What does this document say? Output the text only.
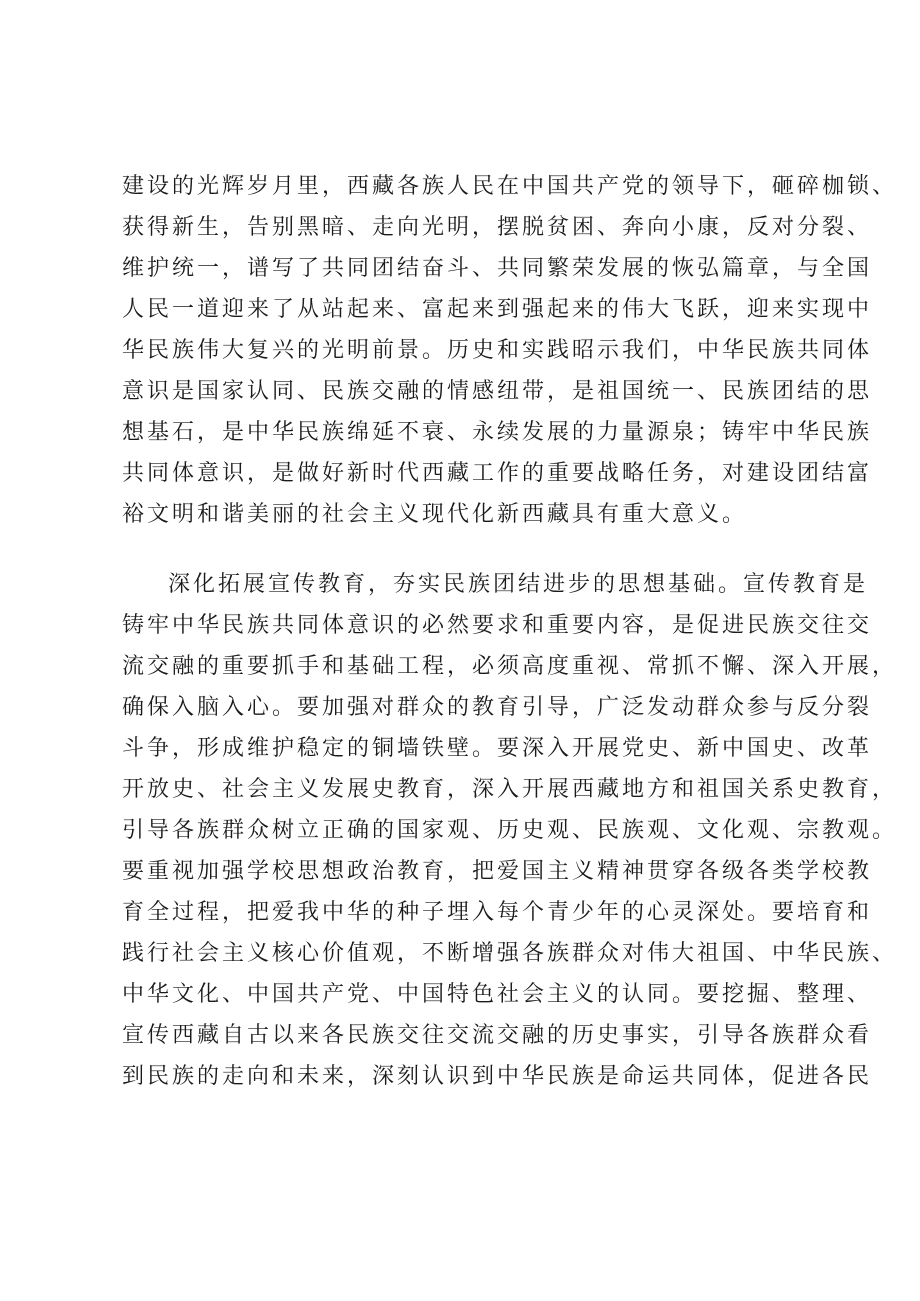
建设的光辉岁月里，西藏各族人民在中国共产党的领导下，砸碎枷锁、
获得新生，告别黑暗、走向光明，摆脱贫困、奔向小康，反对分裂、
维护统一，谱写了共同团结奋斗、共同繁荣发展的恢弘篇章，与全国
人民一道迎来了从站起来、富起来到强起来的伟大飞跃，迎来实现中
华民族伟大复兴的光明前景。历史和实践昭示我们，中华民族共同体
意识是国家认同、民族交融的情感纽带，是祖国统一、民族团结的思
想基石，是中华民族绵延不衰、永续发展的力量源泉；铸牢中华民族
共同体意识，是做好新时代西藏工作的重要战略任务，对建设团结富
裕文明和谐美丽的社会主义现代化新西藏具有重大意义。
深化拓展宣传教育，夯实民族团结进步的思想基础。宣传教育是
铸牢中华民族共同体意识的必然要求和重要内容，是促进民族交往交
流交融的重要抓手和基础工程，必须高度重视、常抓不懈、深入开展，
确保入脑入心。要加强对群众的教育引导，广泛发动群众参与反分裂
斗争，形成维护稳定的铜墙铁壁。要深入开展党史、新中国史、改革
开放史、社会主义发展史教育，深入开展西藏地方和祖国关系史教育，
引导各族群众树立正确的国家观、历史观、民族观、文化观、宗教观。
要重视加强学校思想政治教育，把爱国主义精神贯穿各级各类学校教
育全过程，把爱我中华的种子埋入每个青少年的心灵深处。要培育和
践行社会主义核心价值观，不断增强各族群众对伟大祖国、中华民族、
中华文化、中国共产党、中国特色社会主义的认同。要挖掘、整理、
宣传西藏自古以来各民族交往交流交融的历史事实，引导各族群众看
到民族的走向和未来，深刻认识到中华民族是命运共同体，促进各民
